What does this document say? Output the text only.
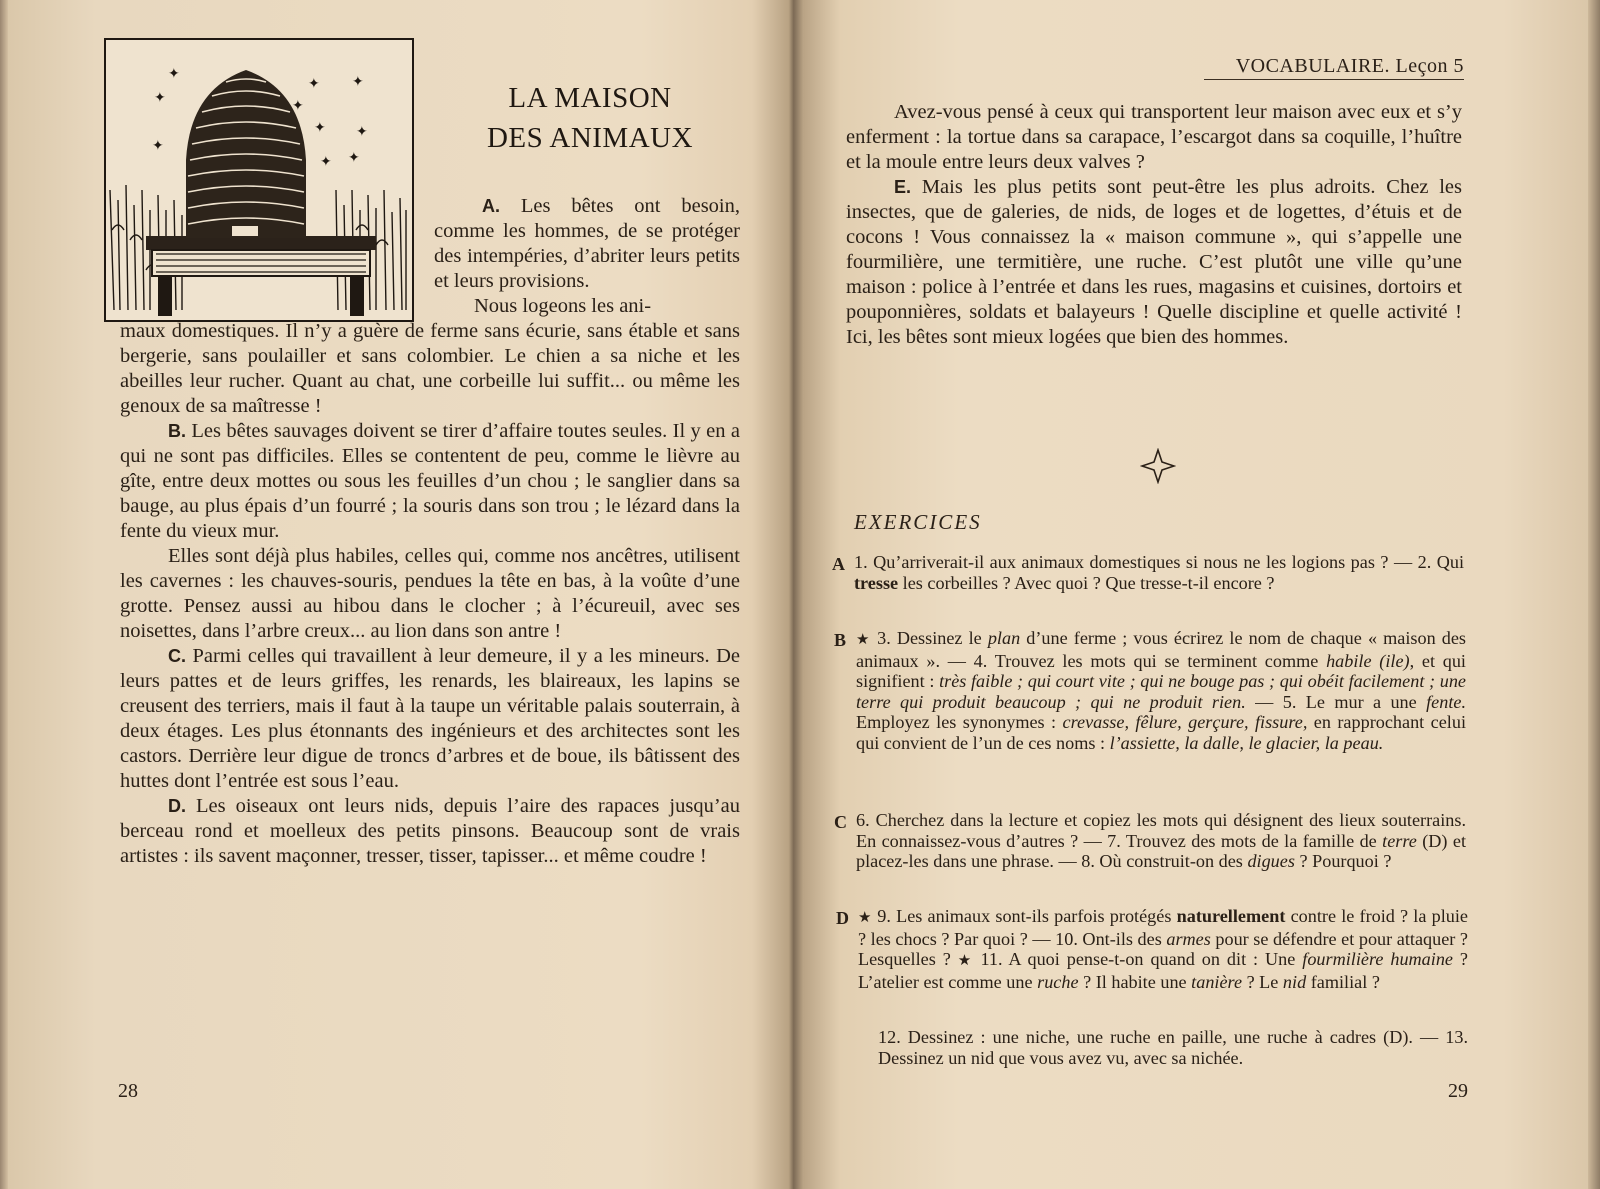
✦
✦
✦ ✦
✦
✦ ✦
✦
✦
✦
LA MAISON
DES ANIMAUX

A. Les bêtes ont besoin, comme les hommes, de se protéger des intempéries, d’abriter leurs petits et leurs provisions.

Nous logeons les ani-

maux domestiques. Il n’y a guère de ferme sans écurie, sans étable et sans bergerie, sans poulailler et sans colombier. Le chien a sa niche et les abeilles leur rucher. Quant au chat, une corbeille lui suffit... ou même les genoux de sa maîtresse !

B. Les bêtes sauvages doivent se tirer d’affaire toutes seules. Il y en a qui ne sont pas difficiles. Elles se contentent de peu, comme le lièvre au gîte, entre deux mottes ou sous les feuilles d’un chou ; le sanglier dans sa bauge, au plus épais d’un fourré ; la souris dans son trou ; le lézard dans la fente du vieux mur.

Elles sont déjà plus habiles, celles qui, comme nos ancêtres, utilisent les cavernes : les chauves-souris, pendues la tête en bas, à la voûte d’une grotte. Pensez aussi au hibou dans le clocher ; à l’écureuil, avec ses noisettes, dans l’arbre creux... au lion dans son antre !

C. Parmi celles qui travaillent à leur demeure, il y a les mineurs. De leurs pattes et de leurs griffes, les renards, les blaireaux, les lapins se creusent des terriers, mais il faut à la taupe un véritable palais souterrain, à deux étages. Les plus étonnants des ingénieurs et des architectes sont les castors. Derrière leur digue de troncs d’arbres et de boue, ils bâtissent des huttes dont l’entrée est sous l’eau.

D. Les oiseaux ont leurs nids, depuis l’aire des rapaces jusqu’au berceau rond et moelleux des petits pinsons. Beaucoup sont de vrais artistes : ils savent maçonner, tresser, tisser, tapisser... et même coudre !

28
VOCABULAIRE. Leçon 5

Avez-vous pensé à ceux qui transportent leur maison avec eux et s’y enferment : la tortue dans sa carapace, l’escargot dans sa coquille, l’huître et la moule entre leurs deux valves ?

E. Mais les plus petits sont peut-être les plus adroits. Chez les insectes, que de galeries, de nids, de loges et de logettes, d’étuis et de cocons ! Vous connaissez la « maison commune », qui s’appelle une fourmilière, une termitière, une ruche. C’est plutôt une ville qu’une maison : police à l’entrée et dans les rues, magasins et cuisines, dortoirs et pouponnières, soldats et balayeurs ! Quelle discipline et quelle activité ! Ici, les bêtes sont mieux logées que bien des hommes.

EXERCICES
A 1. Qu’arriverait-il aux animaux domestiques si nous ne les logions pas ? — 2. Qui tresse les corbeilles ? Avec quoi ? Que tresse-t-il encore ?

B ★ 3. Dessinez le plan d’une ferme ; vous écrirez le nom de chaque « maison des animaux ». — 4. Trouvez les mots qui se terminent comme habile (ile), et qui signifient : très faible ; qui court vite ; qui ne bouge pas ; qui obéit facilement ; une terre qui produit beaucoup ; qui ne produit rien. — 5. Le mur a une fente. Employez les synonymes : crevasse, fêlure, gerçure, fissure, en rapprochant celui qui convient de l’un de ces noms : l’assiette, la dalle, le glacier, la peau.

C 6. Cherchez dans la lecture et copiez les mots qui désignent des lieux souterrains. En connaissez-vous d’autres ? — 7. Trouvez des mots de la famille de terre (D) et placez-les dans une phrase. — 8. Où construit-on des digues ? Pourquoi ?

D ★ 9. Les animaux sont-ils parfois protégés naturellement contre le froid ? la pluie ? les chocs ? Par quoi ? — 10. Ont-ils des armes pour se défendre et pour attaquer ? Lesquelles ? ★ 11. A quoi pense-t-on quand on dit : Une fourmilière humaine ? L’atelier est comme une ruche ? Il habite une tanière ? Le nid familial ?

12. Dessinez : une niche, une ruche en paille, une ruche à cadres (D). — 13. Dessinez un nid que vous avez vu, avec sa nichée.

29
